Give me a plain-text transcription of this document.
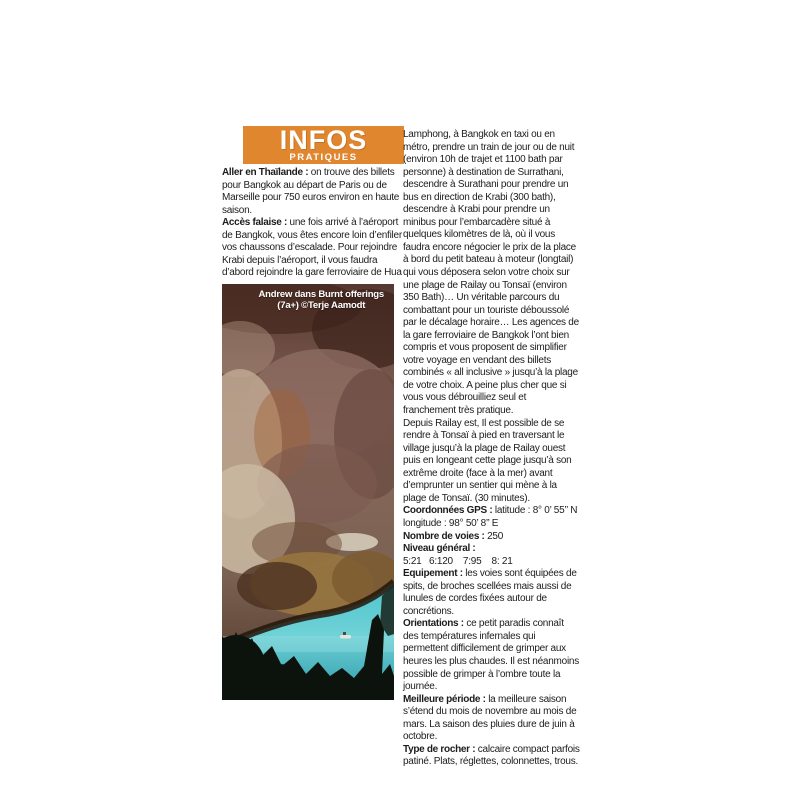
INFOS
PRATIQUES

Aller en Thaïlande : on trouve des billets pour Bangkok au départ de Paris ou de Marseille pour 750 euros environ en haute saison.

Accès falaise : une fois arrivé à l’aéroport de Bangkok, vous êtes encore loin d’enfiler vos chaussons d’escalade. Pour rejoindre Krabi depuis l’aéroport, il vous faudra d’abord rejoindre la gare ferroviaire de Hua

Andrew dans Burnt offerings
(7a+) ©Terje Aamodt

Lamphong, à Bangkok en taxi ou en métro, prendre un train de jour ou de nuit (environ 10h de trajet et 1100 bath par personne) à destination de Surrathani, descendre à Surathani pour prendre un bus en direction de Krabi (300 bath), descendre à Krabi pour prendre un minibus pour l’embarcadère situé à quelques kilomètres de là, où il vous faudra encore négocier le prix de la place à bord du petit bateau à moteur (longtail) qui vous déposera selon votre choix sur une plage de Railay ou Tonsaï (environ 350 Bath)… Un véritable parcours du combattant pour un touriste déboussolé par le décalage horaire… Les agences de la gare ferroviaire de Bangkok l’ont bien compris et vous proposent de simplifier votre voyage en vendant des billets combinés « all inclusive » jusqu’à la plage de votre choix. A peine plus cher que si vous vous débrouilliez seul et franchement très pratique.

Depuis Railay est, Il est possible de se rendre à Tonsaï à pied en traversant le village jusqu’à la plage de Railay ouest puis en longeant cette plage jusqu’à son extrême droite (face à la mer) avant d’emprunter un sentier qui mène à la plage de Tonsaï. (30 minutes).

Coordonnées GPS : latitude : 8° 0’ 55’’ N longitude : 98° 50’ 8’’ E

Nombre de voies : 250

Niveau général :

5:21   6:120    7:95    8: 21

Equipement : les voies sont équipées de spits, de broches scellées mais aussi de lunules de cordes fixées autour de concrétions.

Orientations : ce petit paradis connaît des températures infernales qui permettent difficilement de grimper aux heures les plus chaudes. Il est néanmoins possible de grimper à l’ombre toute la journée.

Meilleure période : la meilleure saison s’étend du mois de novembre au mois de mars. La saison des pluies dure de juin à octobre.

Type de rocher : calcaire compact parfois patiné. Plats, réglettes, colonnettes, trous.
